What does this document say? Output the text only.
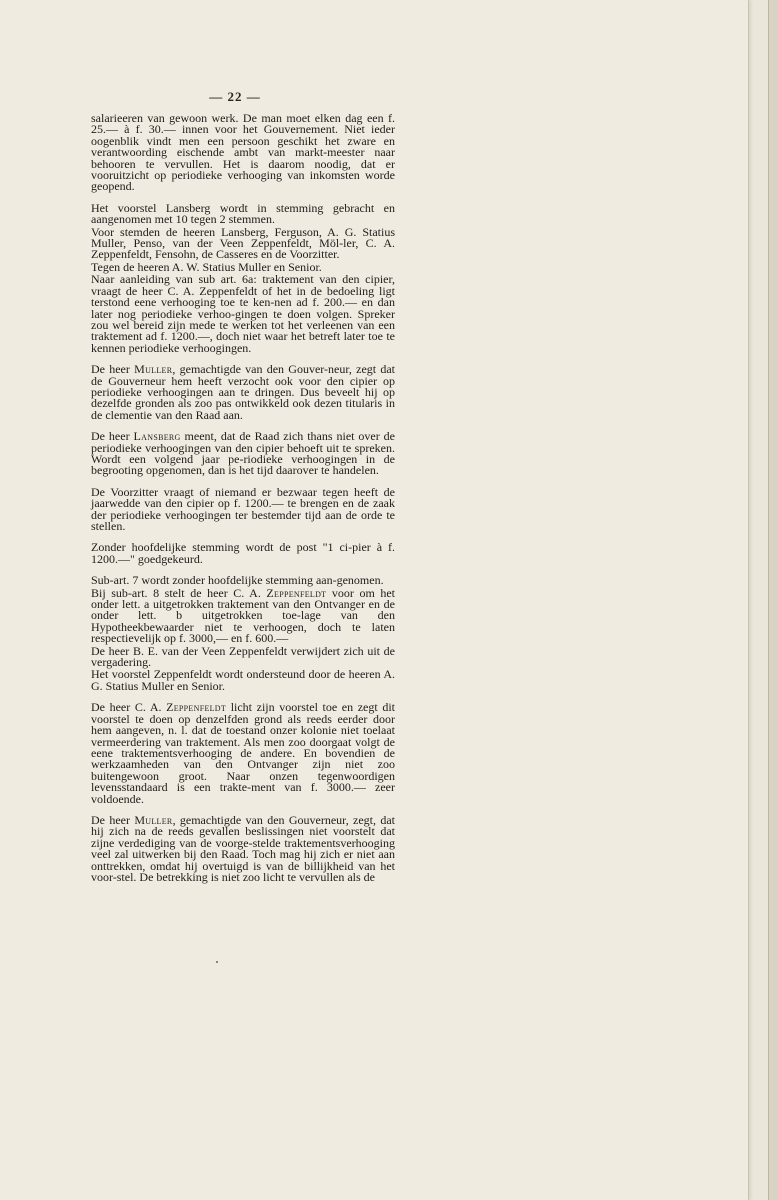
— 22 —

salarieeren van gewoon werk. De man moet elken dag een f. 25.— à f. 30.— innen voor het Gouvernement. Niet ieder oogenblik vindt men een persoon geschikt het zware en verantwoording eischende ambt van markt-meester naar behooren te vervullen. Het is daarom noodig, dat er vooruitzicht op periodieke verhooging van inkomsten worde geopend.

Het voorstel Lansberg wordt in stemming gebracht en aangenomen met 10 tegen 2 stemmen.

Voor stemden de heeren Lansberg, Ferguson, A. G. Statius Muller, Penso, van der Veen Zeppenfeldt, Möl-ler, C. A. Zeppenfeldt, Fensohn, de Casseres en de Voorzitter.

Tegen de heeren A. W. Statius Muller en Senior.

Naar aanleiding van sub art. 6a: traktement van den cipier, vraagt de heer C. A. Zeppenfeldt of het in de bedoeling ligt terstond eene verhooging toe te ken-nen ad f. 200.— en dan later nog periodieke verhoo-gingen te doen volgen. Spreker zou wel bereid zijn mede te werken tot het verleenen van een traktement ad f. 1200.—, doch niet waar het betreft later toe te kennen periodieke verhoogingen.

De heer Muller, gemachtigde van den Gouver-neur, zegt dat de Gouverneur hem heeft verzocht ook voor den cipier op periodieke verhoogingen aan te dringen. Dus beveelt hij op dezelfde gronden als zoo pas ontwikkeld ook dezen titularis in de clementie van den Raad aan.

De heer Lansberg meent, dat de Raad zich thans niet over de periodieke verhoogingen van den cipier behoeft uit te spreken. Wordt een volgend jaar pe-riodieke verhoogingen in de begrooting opgenomen, dan is het tijd daarover te handelen.

De Voorzitter vraagt of niemand er bezwaar tegen heeft de jaarwedde van den cipier op f. 1200.— te brengen en de zaak der periodieke verhoogingen ter bestemder tijd aan de orde te stellen.

Zonder hoofdelijke stemming wordt de post "1 ci-pier à f. 1200.—" goedgekeurd.

Sub-art. 7 wordt zonder hoofdelijke stemming aan-genomen.

Bij sub-art. 8 stelt de heer C. A. Zeppenfeldt voor om het onder lett. a uitgetrokken traktement van den Ontvanger en de onder lett. b uitgetrokken toe-lage van den Hypotheekbewaarder niet te verhoogen, doch te laten respectievelijk op f. 3000,— en f. 600.—

De heer B. E. van der Veen Zeppenfeldt verwijdert zich uit de vergadering.

Het voorstel Zeppenfeldt wordt ondersteund door de heeren A. G. Statius Muller en Senior.

De heer C. A. Zeppenfeldt licht zijn voorstel toe en zegt dit voorstel te doen op denzelfden grond als reeds eerder door hem aangeven, n. l. dat de toestand onzer kolonie niet toelaat vermeerdering van traktement. Als men zoo doorgaat volgt de eene traktementsverhooging de andere. En bovendien de werkzaamheden van den Ontvanger zijn niet zoo buitengewoon groot. Naar onzen tegenwoordigen levensstandaard is een trakte-ment van f. 3000.— zeer voldoende.

De heer Muller, gemachtigde van den Gouverneur, zegt, dat hij zich na de reeds gevallen beslissingen niet voorstelt dat zijne verdediging van de voorge-stelde traktementsverhooging veel zal uitwerken bij den Raad. Toch mag hij zich er niet aan onttrekken, omdat hij overtuigd is van de billijkheid van het voor-stel. De betrekking is niet zoo licht te vervullen als de
